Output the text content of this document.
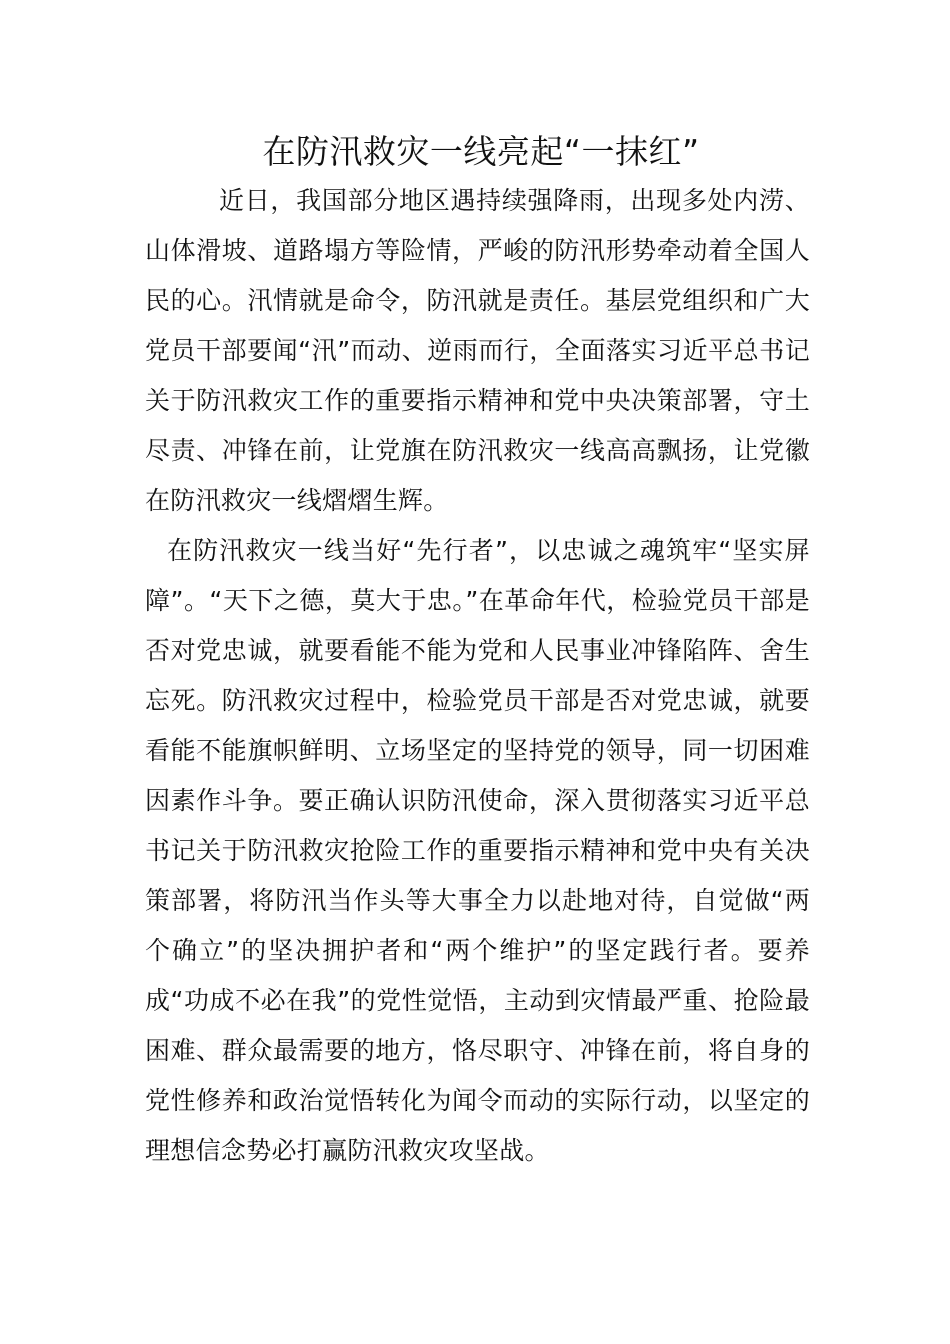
在防汛救灾一线亮起“一抹红”

近日，我国部分地区遇持续强降雨，出现多处内涝、山体滑坡、道路塌方等险情，严峻的防汛形势牵动着全国人民的心。汛情就是命令，防汛就是责任。基层党组织和广大党员干部要闻“汛”而动、逆雨而行，全面落实习近平总书记关于防汛救灾工作的重要指示精神和党中央决策部署，守土尽责、冲锋在前，让党旗在防汛救灾一线高高飘扬，让党徽在防汛救灾一线熠熠生辉。

在防汛救灾一线当好“先行者”，以忠诚之魂筑牢“坚实屏障”。“天下之德，莫大于忠。”在革命年代，检验党员干部是否对党忠诚，就要看能不能为党和人民事业冲锋陷阵、舍生忘死。防汛救灾过程中，检验党员干部是否对党忠诚，就要看能不能旗帜鲜明、立场坚定的坚持党的领导，同一切困难因素作斗争。要正确认识防汛使命，深入贯彻落实习近平总书记关于防汛救灾抢险工作的重要指示精神和党中央有关决策部署，将防汛当作头等大事全力以赴地对待，自觉做“两个确立”的坚决拥护者和“两个维护”的坚定践行者。要养成“功成不必在我”的党性觉悟，主动到灾情最严重、抢险最困难、群众最需要的地方，恪尽职守、冲锋在前，将自身的党性修养和政治觉悟转化为闻令而动的实际行动，以坚定的理想信念势必打赢防汛救灾攻坚战。
